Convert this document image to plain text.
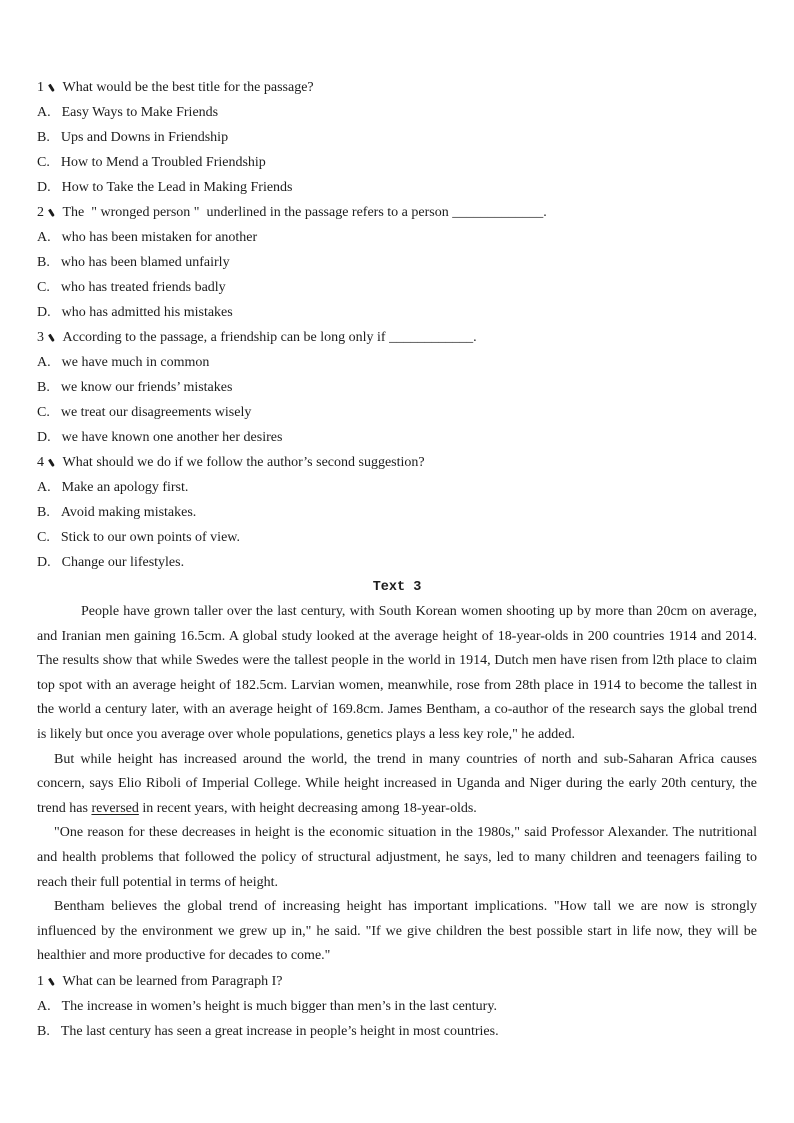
1 What would be the best title for the passage?
A. Easy Ways to Make Friends
B. Ups and Downs in Friendship
C. How to Mend a Troubled Friendship
D. How to Take the Lead in Making Friends
2 The  " wronged person "  underlined in the passage refers to a person _____________.
A. who has been mistaken for another
B. who has been blamed unfairly
C. who has treated friends badly
D. who has admitted his mistakes
3 According to the passage, a friendship can be long only if ____________.
A. we have much in common
B. we know our friends’ mistakes
C. we treat our disagreements wisely
D. we have known one another her desires
4 What should we do if we follow the author’s second suggestion?
A. Make an apology first.
B. Avoid making mistakes.
C. Stick to our own points of view.
D. Change our lifestyles.
Text 3

People have grown taller over the last century, with South Korean women shooting up by more than 20cm on average, and Iranian men gaining 16.5cm. A global study looked at the average height of 18-year-olds in 200 countries 1914 and 2014. The results show that while Swedes were the tallest people in the world in 1914, Dutch men have risen from l2th place to claim top spot with an average height of 182.5cm. Larvian women, meanwhile, rose from 28th place in 1914 to become the tallest in the world a century later, with an average height of 169.8cm. James Bentham, a co-author of the research says the global trend is likely but once you average over whole populations, genetics plays a less key role," he added.

But while height has increased around the world, the trend in many countries of north and sub-Saharan Africa causes concern, says Elio Riboli of Imperial College. While height increased in Uganda and Niger during the early 20th century, the trend has reversed in recent years, with height decreasing among 18-year-olds.

"One reason for these decreases in height is the economic situation in the 1980s," said Professor Alexander. The nutritional and health problems that followed the policy of structural adjustment, he says, led to many children and teenagers failing to reach their full potential in terms of height.

Bentham believes the global trend of increasing height has important implications. "How tall we are now is strongly influenced by the environment we grew up in," he said. "If we give children the best possible start in life now, they will be healthier and more productive for decades to come."

1 What can be learned from Paragraph I?
A. The increase in women’s height is much bigger than men’s in the last century.
B. The last century has seen a great increase in people’s height in most countries.
